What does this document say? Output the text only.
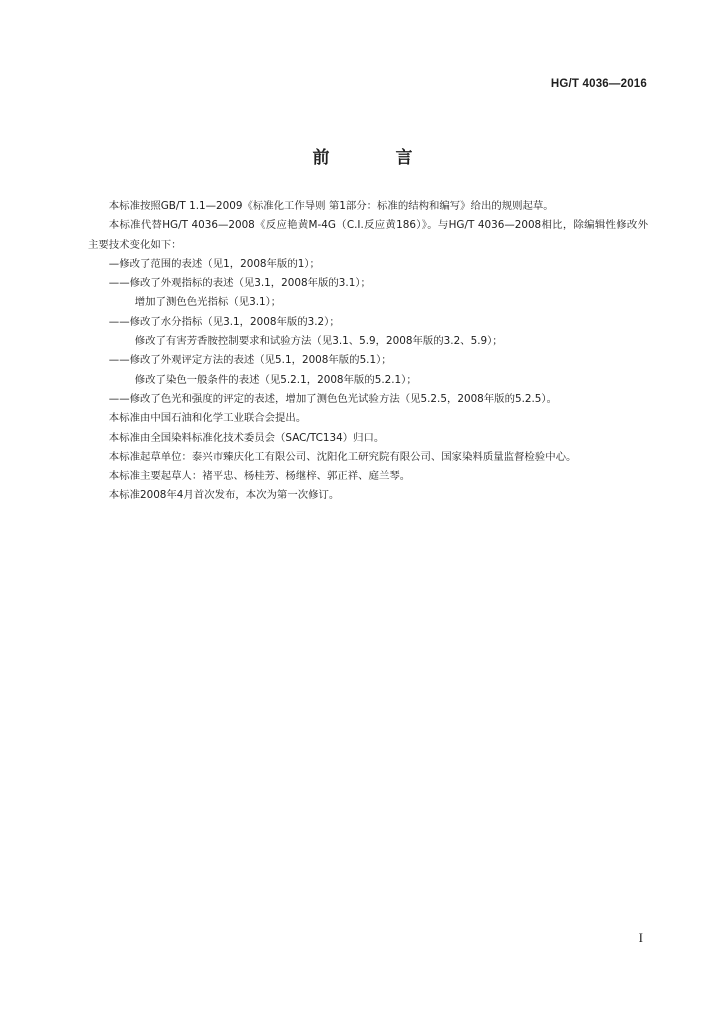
HG/T 4036—2016
前 言

本标准按照GB/T 1.1—2009《标准化工作导则 第1部分：标准的结构和编写》给出的规则起草。

本标准代替HG/T 4036—2008《反应艳黄M-4G（C.I.反应黄186）》。与HG/T 4036—2008相比，除编辑性修改外主要技术变化如下：

—修改了范围的表述（见1，2008年版的1）；

——修改了外观指标的表述（见3.1，2008年版的3.1）；

增加了测色色光指标（见3.1）；

——修改了水分指标（见3.1，2008年版的3.2）；

修改了有害芳香胺控制要求和试验方法（见3.1、5.9，2008年版的3.2、5.9）；

——修改了外观评定方法的表述（见5.1，2008年版的5.1）；

修改了染色一般条件的表述（见5.2.1，2008年版的5.2.1）；

——修改了色光和强度的评定的表述，增加了测色色光试验方法（见5.2.5，2008年版的5.2.5）。

本标准由中国石油和化学工业联合会提出。

本标准由全国染料标准化技术委员会（SAC/TC134）归口。

本标准起草单位：泰兴市臻庆化工有限公司、沈阳化工研究院有限公司、国家染料质量监督检验中心。

本标准主要起草人：褚平忠、杨桂芳、杨继梓、郭正祥、庭兰琴。

本标准2008年4月首次发布，本次为第一次修订。

I
